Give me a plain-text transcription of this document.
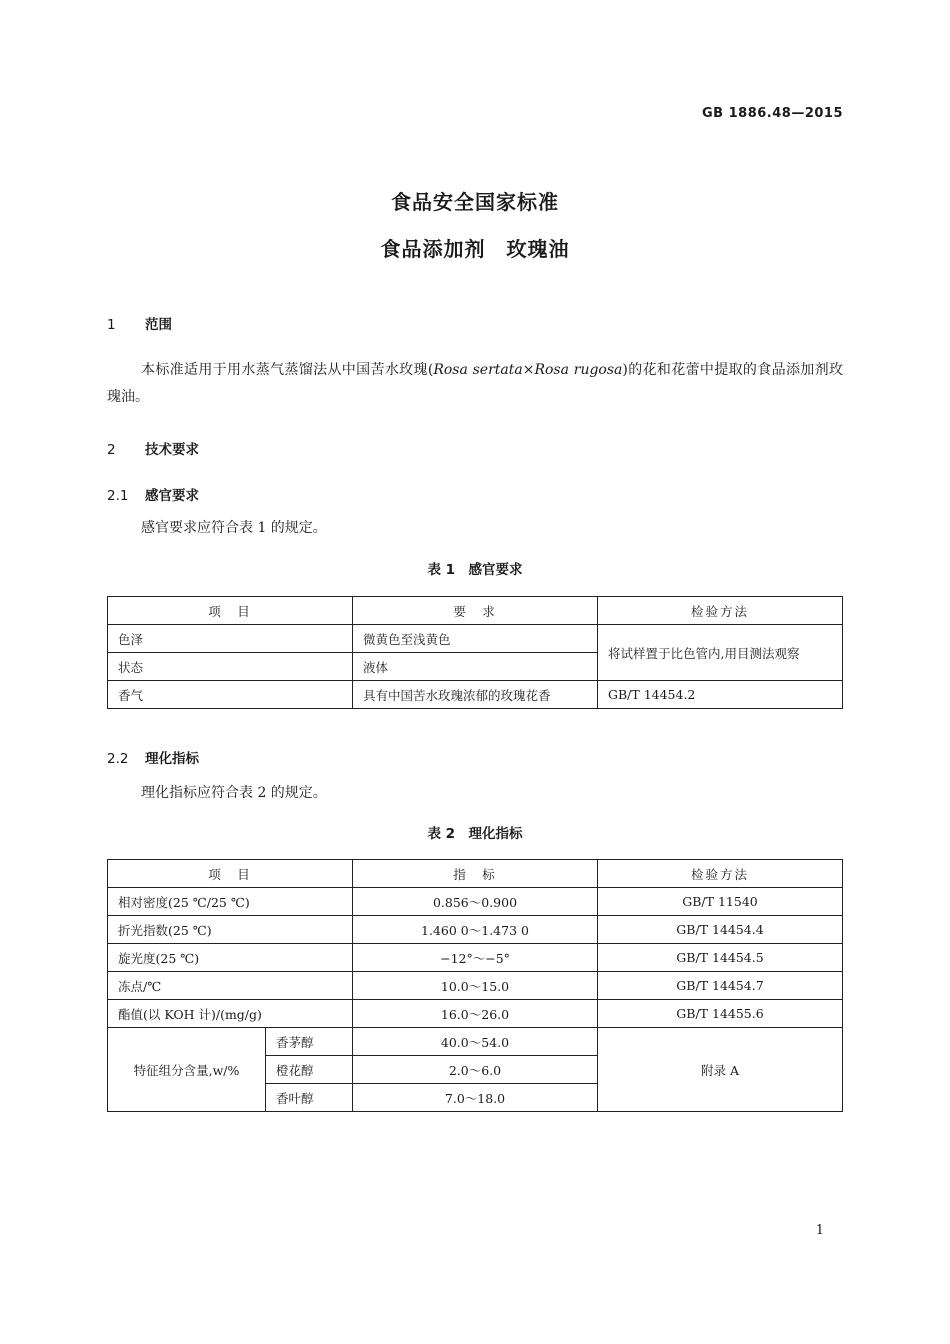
GB 1886.48—2015
食品安全国家标准
食品添加剂　玫瑰油
1 范围
本标准适用于用水蒸气蒸馏法从中国苦水玫瑰(Rosa sertata×Rosa rugosa)的花和花蕾中提取的食品添加剂玫瑰油。
2 技术要求
2.1 感官要求
感官要求应符合表 1 的规定。
表 1　感官要求
项　目	要　求	检验方法
色泽	微黄色至浅黄色	将试样置于比色管内,用目测法观察
状态	液体	
香气	具有中国苦水玫瑰浓郁的玫瑰花香	GB/T 14454.2
2.2 理化指标
理化指标应符合表 2 的规定。
表 2　理化指标
项　目		指　标	检验方法
相对密度(25 ℃/25 ℃)		0.856～0.900	GB/T 11540
折光指数(25 ℃)		1.460 0～1.473 0	GB/T 14454.4
旋光度(25 ℃)		−12°～−5°	GB/T 14454.5
冻点/℃		10.0～15.0	GB/T 14454.7
酯值(以 KOH 计)/(mg/g)		16.0～26.0	GB/T 14455.6
特征组分含量,w/%	香茅醇	40.0～54.0	附录 A
	橙花醇	2.0～6.0	
	香叶醇	7.0～18.0	
1
